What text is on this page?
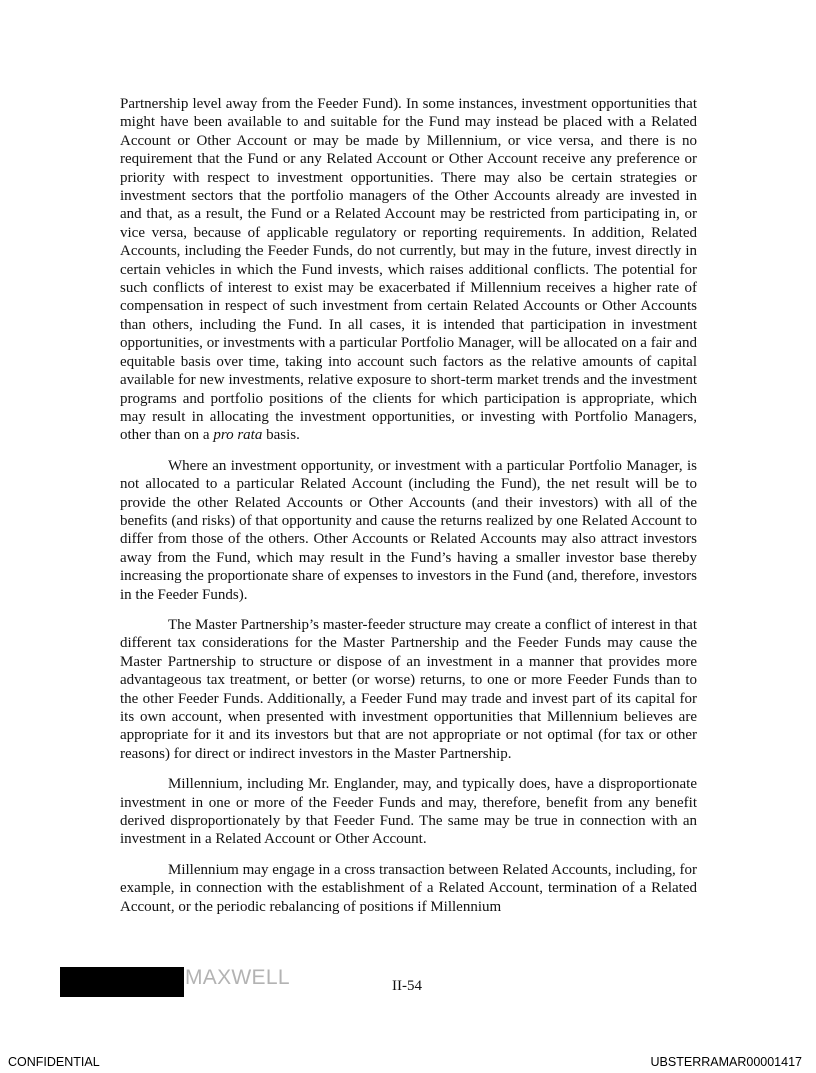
Partnership level away from the Feeder Fund). In some instances, investment opportunities that might have been available to and suitable for the Fund may instead be placed with a Related Account or Other Account or may be made by Millennium, or vice versa, and there is no requirement that the Fund or any Related Account or Other Account receive any preference or priority with respect to investment opportunities. There may also be certain strategies or investment sectors that the portfolio managers of the Other Accounts already are invested in and that, as a result, the Fund or a Related Account may be restricted from participating in, or vice versa, because of applicable regulatory or reporting requirements. In addition, Related Accounts, including the Feeder Funds, do not currently, but may in the future, invest directly in certain vehicles in which the Fund invests, which raises additional conflicts. The potential for such conflicts of interest to exist may be exacerbated if Millennium receives a higher rate of compensation in respect of such investment from certain Related Accounts or Other Accounts than others, including the Fund. In all cases, it is intended that participation in investment opportunities, or investments with a particular Portfolio Manager, will be allocated on a fair and equitable basis over time, taking into account such factors as the relative amounts of capital available for new investments, relative exposure to short-term market trends and the investment programs and portfolio positions of the clients for which participation is appropriate, which may result in allocating the investment opportunities, or investing with Portfolio Managers, other than on a pro rata basis.

Where an investment opportunity, or investment with a particular Portfolio Manager, is not allocated to a particular Related Account (including the Fund), the net result will be to provide the other Related Accounts or Other Accounts (and their investors) with all of the benefits (and risks) of that opportunity and cause the returns realized by one Related Account to differ from those of the others. Other Accounts or Related Accounts may also attract investors away from the Fund, which may result in the Fund’s having a smaller investor base thereby increasing the proportionate share of expenses to investors in the Fund (and, therefore, investors in the Feeder Funds).

The Master Partnership’s master-feeder structure may create a conflict of interest in that different tax considerations for the Master Partnership and the Feeder Funds may cause the Master Partnership to structure or dispose of an investment in a manner that provides more advantageous tax treatment, or better (or worse) returns, to one or more Feeder Funds than to the other Feeder Funds. Additionally, a Feeder Fund may trade and invest part of its capital for its own account, when presented with investment opportunities that Millennium believes are appropriate for it and its investors but that are not appropriate or not optimal (for tax or other reasons) for direct or indirect investors in the Master Partnership.

Millennium, including Mr. Englander, may, and typically does, have a disproportionate investment in one or more of the Feeder Funds and may, therefore, benefit from any benefit derived disproportionately by that Feeder Fund. The same may be true in connection with an investment in a Related Account or Other Account.

Millennium may engage in a cross transaction between Related Accounts, including, for example, in connection with the establishment of a Related Account, termination of a Related Account, or the periodic rebalancing of positions if Millennium

MAXWELL	II-54
CONFIDENTIAL	UBSTERRAMAR00001417
